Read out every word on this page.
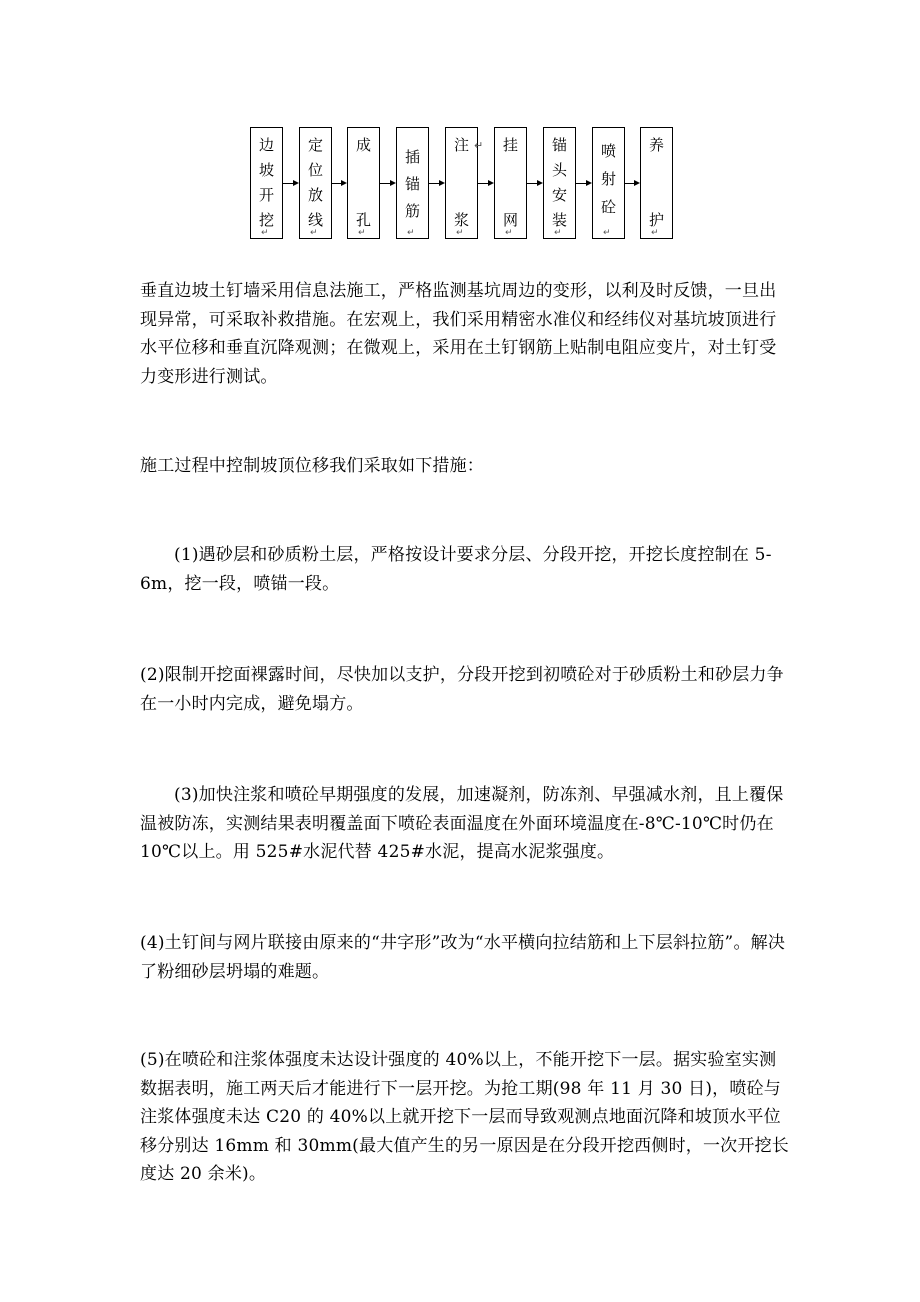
边
坡
开
挖
↵
定
位
放
线
↵
成
孔
↵
插
锚
筋
↵
注
浆
↵
挂
网
↵
锚
头
安
装
↵
喷
射
砼
↵
养
护
↵
↵

垂直边坡土钉墙采用信息法施工，严格监测基坑周边的变形，以利及时反馈，一旦出现异常，可采取补救措施。在宏观上，我们采用精密水准仪和经纬仪对基坑坡顶进行水平位移和垂直沉降观测；在微观上，采用在土钉钢筋上贴制电阻应变片，对土钉受力变形进行测试。

施工过程中控制坡顶位移我们采取如下措施：

(1)遇砂层和砂质粉土层，严格按设计要求分层、分段开挖，开挖长度控制在 5-6m，挖一段，喷锚一段。

(2)限制开挖面裸露时间，尽快加以支护，分段开挖到初喷砼对于砂质粉土和砂层力争在一小时内完成，避免塌方。

(3)加快注浆和喷砼早期强度的发展，加速凝剂，防冻剂、早强减水剂，且上覆保温被防冻，实测结果表明覆盖面下喷砼表面温度在外面环境温度在-8℃-10℃时仍在 10℃以上。用 525#水泥代替 425#水泥，提高水泥浆强度。

(4)土钉间与网片联接由原来的“井字形”改为“水平横向拉结筋和上下层斜拉筋”。解决了粉细砂层坍塌的难题。

(5)在喷砼和注浆体强度未达设计强度的 40%以上，不能开挖下一层。据实验室实测数据表明，施工两天后才能进行下一层开挖。为抢工期(98 年 11 月 30 日)，喷砼与注浆体强度未达 C20 的 40%以上就开挖下一层而导致观测点地面沉降和坡顶水平位移分别达 16mm 和 30mm(最大值产生的另一原因是在分段开挖西侧时，一次开挖长度达 20 余米)。
